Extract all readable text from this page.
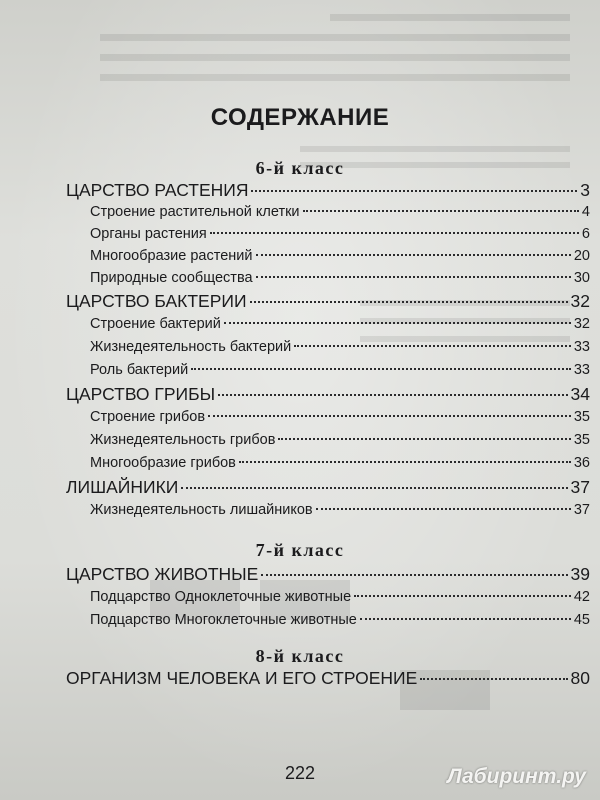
СОДЕРЖАНИЕ
6-й класс
ЦАРСТВО РАСТЕНИЯ	3
Строение растительной клетки	4
Органы растения	6
Многообразие растений	20
Природные сообщества	30
ЦАРСТВО БАКТЕРИИ	32
Строение бактерий	32
Жизнедеятельность бактерий	33
Роль бактерий	33
ЦАРСТВО ГРИБЫ	34
Строение грибов	35
Жизнедеятельность грибов	35
Многообразие грибов	36
ЛИШАЙНИКИ	37
Жизнедеятельность лишайников	37
7-й класс
ЦАРСТВО ЖИВОТНЫЕ	39
Подцарство Одноклеточные животные	42
Подцарство Многоклеточные животные	45
8-й класс
ОРГАНИЗМ ЧЕЛОВЕКА И ЕГО СТРОЕНИЕ	80
222	Лабиринт.ру
